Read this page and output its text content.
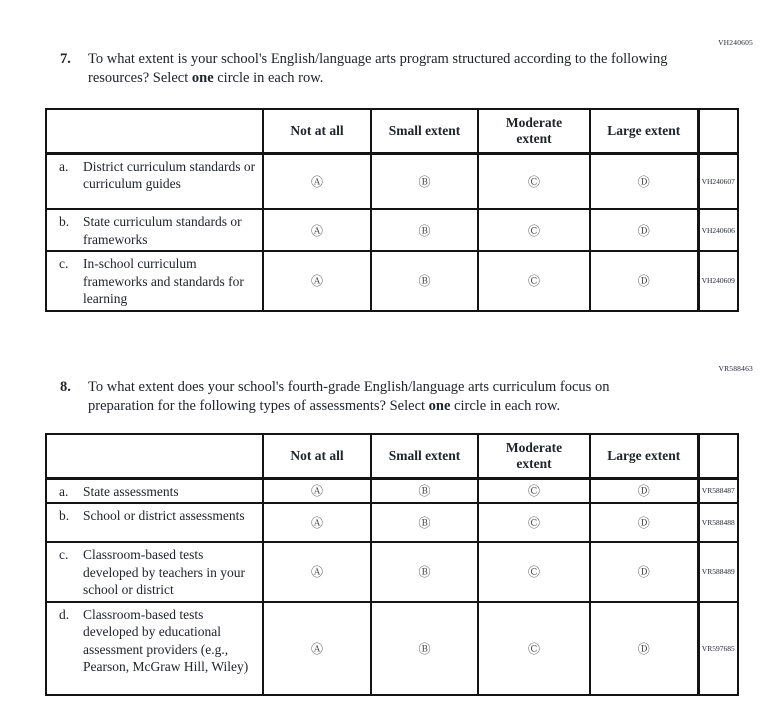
VH240605
7.	To what extent is your school's English/language arts program structured according to the following resources? Select one circle in each row.
	Not at all	Small extent	Moderate extent	Large extent	

a. District curriculum standards or curriculum guides	Ⓐ	Ⓑ	Ⓒ	Ⓓ	VH240607

b. State curriculum standards or frameworks	Ⓐ	Ⓑ	Ⓒ	Ⓓ	VH240606

c. In-school curriculum frameworks and standards for learning	Ⓐ	Ⓑ	Ⓒ	Ⓓ	VH240609
VR588463
8.	To what extent does your school's fourth-grade English/language arts curriculum focus on preparation for the following types of assessments? Select one circle in each row.
	Not at all	Small extent	Moderate extent	Large extent	

a. State assessments	Ⓐ	Ⓑ	Ⓒ	Ⓓ	VR588487

b. School or district assessments	Ⓐ	Ⓑ	Ⓒ	Ⓓ	VR588488

c. Classroom-based tests developed by teachers in your school or district	Ⓐ	Ⓑ	Ⓒ	Ⓓ	VR588489

d. Classroom-based tests developed by educational assessment providers (e.g., Pearson, McGraw Hill, Wiley)	Ⓐ	Ⓑ	Ⓒ	Ⓓ	VR597685
